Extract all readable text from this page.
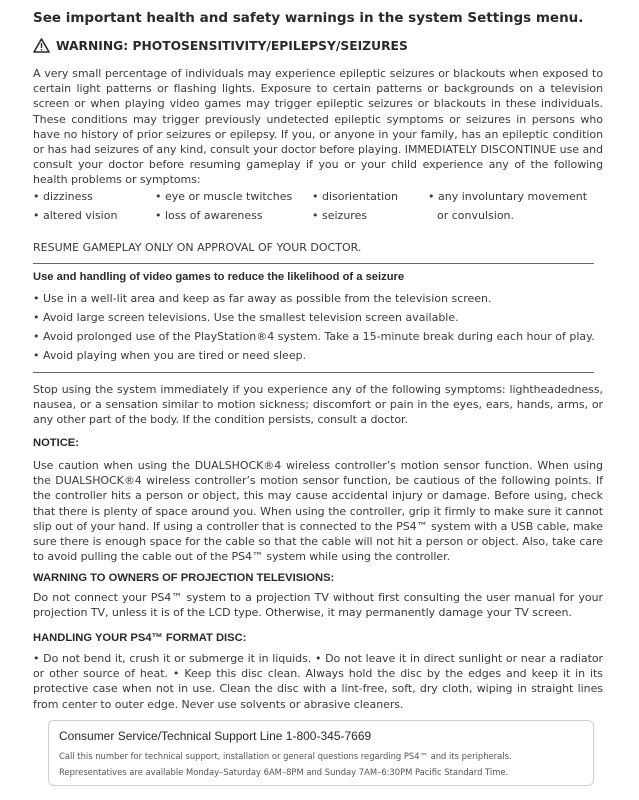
See important health and safety warnings in the system Settings menu.
WARNING: PHOTOSENSITIVITY/EPILEPSY/SEIZURES
A very small percentage of individuals may experience epileptic seizures or blackouts when exposed to certain light patterns or flashing lights. Exposure to certain patterns or backgrounds on a television screen or when playing video games may trigger epileptic seizures or blackouts in these individuals. These conditions may trigger previously undetected epileptic symptoms or seizures in persons who have no history of prior seizures or epilepsy. If you, or anyone in your family, has an epileptic condition or has had seizures of any kind, consult your doctor before playing. IMMEDIATELY DISCONTINUE use and consult your doctor before resuming gameplay if you or your child experience any of the following health problems or symptoms:
• dizziness	• eye or muscle twitches • disorientation	• any involuntary movement
• altered vision	• loss of awareness	• seizures	or convulsion.
RESUME GAMEPLAY ONLY ON APPROVAL OF YOUR DOCTOR.
Use and handling of video games to reduce the likelihood of a seizure
• Use in a well-lit area and keep as far away as possible from the television screen.
• Avoid large screen televisions. Use the smallest television screen available.
• Avoid prolonged use of the PlayStation®4 system. Take a 15-minute break during each hour of play.
• Avoid playing when you are tired or need sleep.
Stop using the system immediately if you experience any of the following symptoms: lightheadedness, nausea, or a sensation similar to motion sickness; discomfort or pain in the eyes, ears, hands, arms, or any other part of the body. If the condition persists, consult a doctor.
NOTICE:
Use caution when using the DUALSHOCK®4 wireless controller’s motion sensor function. When using the DUALSHOCK®4 wireless controller’s motion sensor function, be cautious of the following points. If the controller hits a person or object, this may cause accidental injury or damage. Before using, check that there is plenty of space around you. When using the controller, grip it firmly to make sure it cannot slip out of your hand. If using a controller that is connected to the PS4™ system with a USB cable, make sure there is enough space for the cable so that the cable will not hit a person or object. Also, take care to avoid pulling the cable out of the PS4™ system while using the controller.
WARNING TO OWNERS OF PROJECTION TELEVISIONS:
Do not connect your PS4™ system to a projection TV without first consulting the user manual for your projection TV, unless it is of the LCD type. Otherwise, it may permanently damage your TV screen.
HANDLING YOUR PS4™ FORMAT DISC:
• Do not bend it, crush it or submerge it in liquids. • Do not leave it in direct sunlight or near a radiator or other source of heat. • Keep this disc clean. Always hold the disc by the edges and keep it in its protective case when not in use. Clean the disc with a lint-free, soft, dry cloth, wiping in straight lines from center to outer edge. Never use solvents or abrasive cleaners.
Consumer Service/Technical Support Line 1-800-345-7669
Call this number for technical support, installation or general questions regarding PS4™ and its peripherals.
Representatives are available Monday–Saturday 6AM–8PM and Sunday 7AM–6:30PM Pacific Standard Time.
